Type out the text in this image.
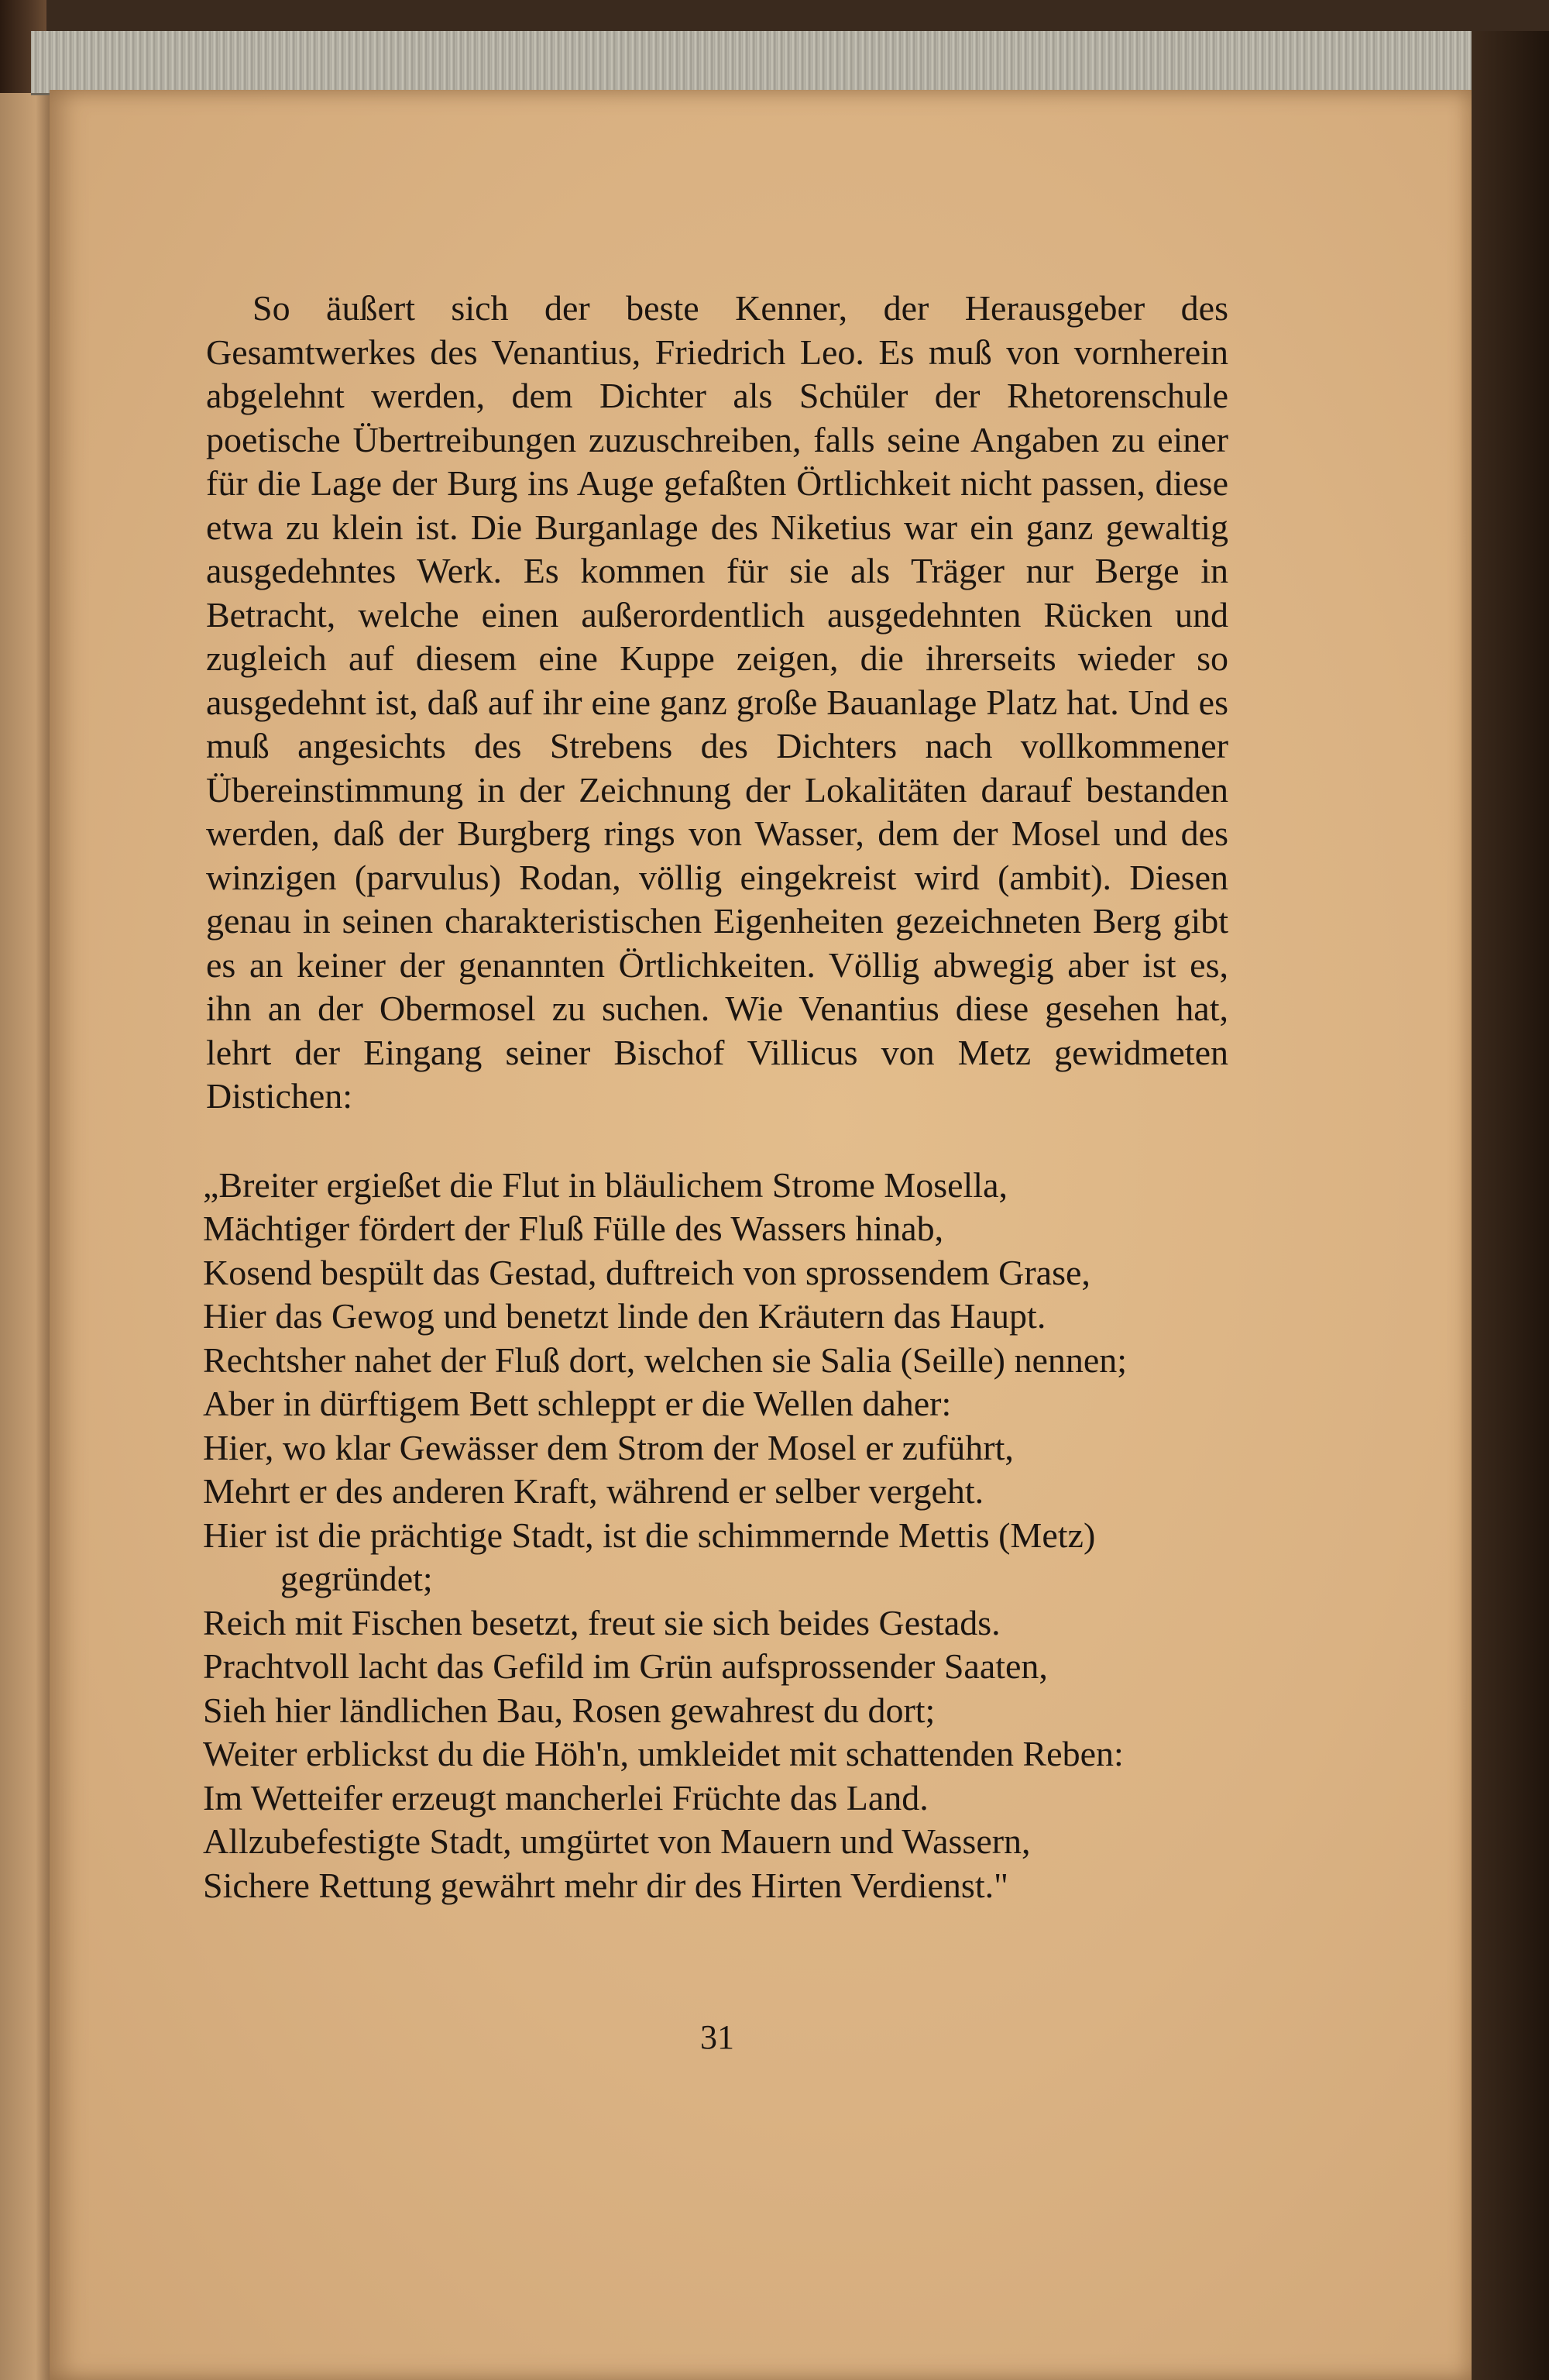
So äußert sich der beste Kenner, der Herausgeber des Gesamtwerkes des Venantius, Friedrich Leo. Es muß von vornherein abgelehnt werden, dem Dichter als Schüler der Rhetorenschule poetische Übertreibungen zuzuschreiben, falls seine Angaben zu einer für die Lage der Burg ins Auge gefaßten Örtlichkeit nicht passen, diese etwa zu klein ist. Die Burganlage des Niketius war ein ganz gewaltig ausgedehntes Werk. Es kommen für sie als Träger nur Berge in Betracht, welche einen außerordentlich ausgedehnten Rücken und zugleich auf diesem eine Kuppe zeigen, die ihrerseits wieder so ausgedehnt ist, daß auf ihr eine ganz große Bauanlage Platz hat. Und es muß angesichts des Strebens des Dichters nach vollkommener Übereinstimmung in der Zeichnung der Lokalitäten darauf bestanden werden, daß der Burgberg rings von Wasser, dem der Mosel und des winzigen (parvulus) Rodan, völlig eingekreist wird (ambit). Diesen genau in seinen charakteristischen Eigenheiten gezeichneten Berg gibt es an keiner der genannten Örtlichkeiten. Völlig abwegig aber ist es, ihn an der Obermosel zu suchen. Wie Venantius diese gesehen hat, lehrt der Eingang seiner Bischof Villicus von Metz gewidmeten Distichen:

„Breiter ergießet die Flut in bläulichem Strome Mosella,
Mächtiger fördert der Fluß Fülle des Wassers hinab,
Kosend bespült das Gestad, duftreich von sprossendem Grase,
Hier das Gewog und benetzt linde den Kräutern das Haupt.
Rechtsher nahet der Fluß dort, welchen sie Salia (Seille) nennen;
Aber in dürftigem Bett schleppt er die Wellen daher:
Hier, wo klar Gewässer dem Strom der Mosel er zuführt,
Mehrt er des anderen Kraft, während er selber vergeht.
Hier ist die prächtige Stadt, ist die schimmernde Mettis (Metz) gegründet;
Reich mit Fischen besetzt, freut sie sich beides Gestads.
Prachtvoll lacht das Gefild im Grün aufsprossender Saaten,
Sieh hier ländlichen Bau, Rosen gewahrest du dort;
Weiter erblickst du die Höh'n, umkleidet mit schattenden Reben:
Im Wetteifer erzeugt mancherlei Früchte das Land.
Allzubefestigte Stadt, umgürtet von Mauern und Wassern,
Sichere Rettung gewährt mehr dir des Hirten Verdienst."
31
